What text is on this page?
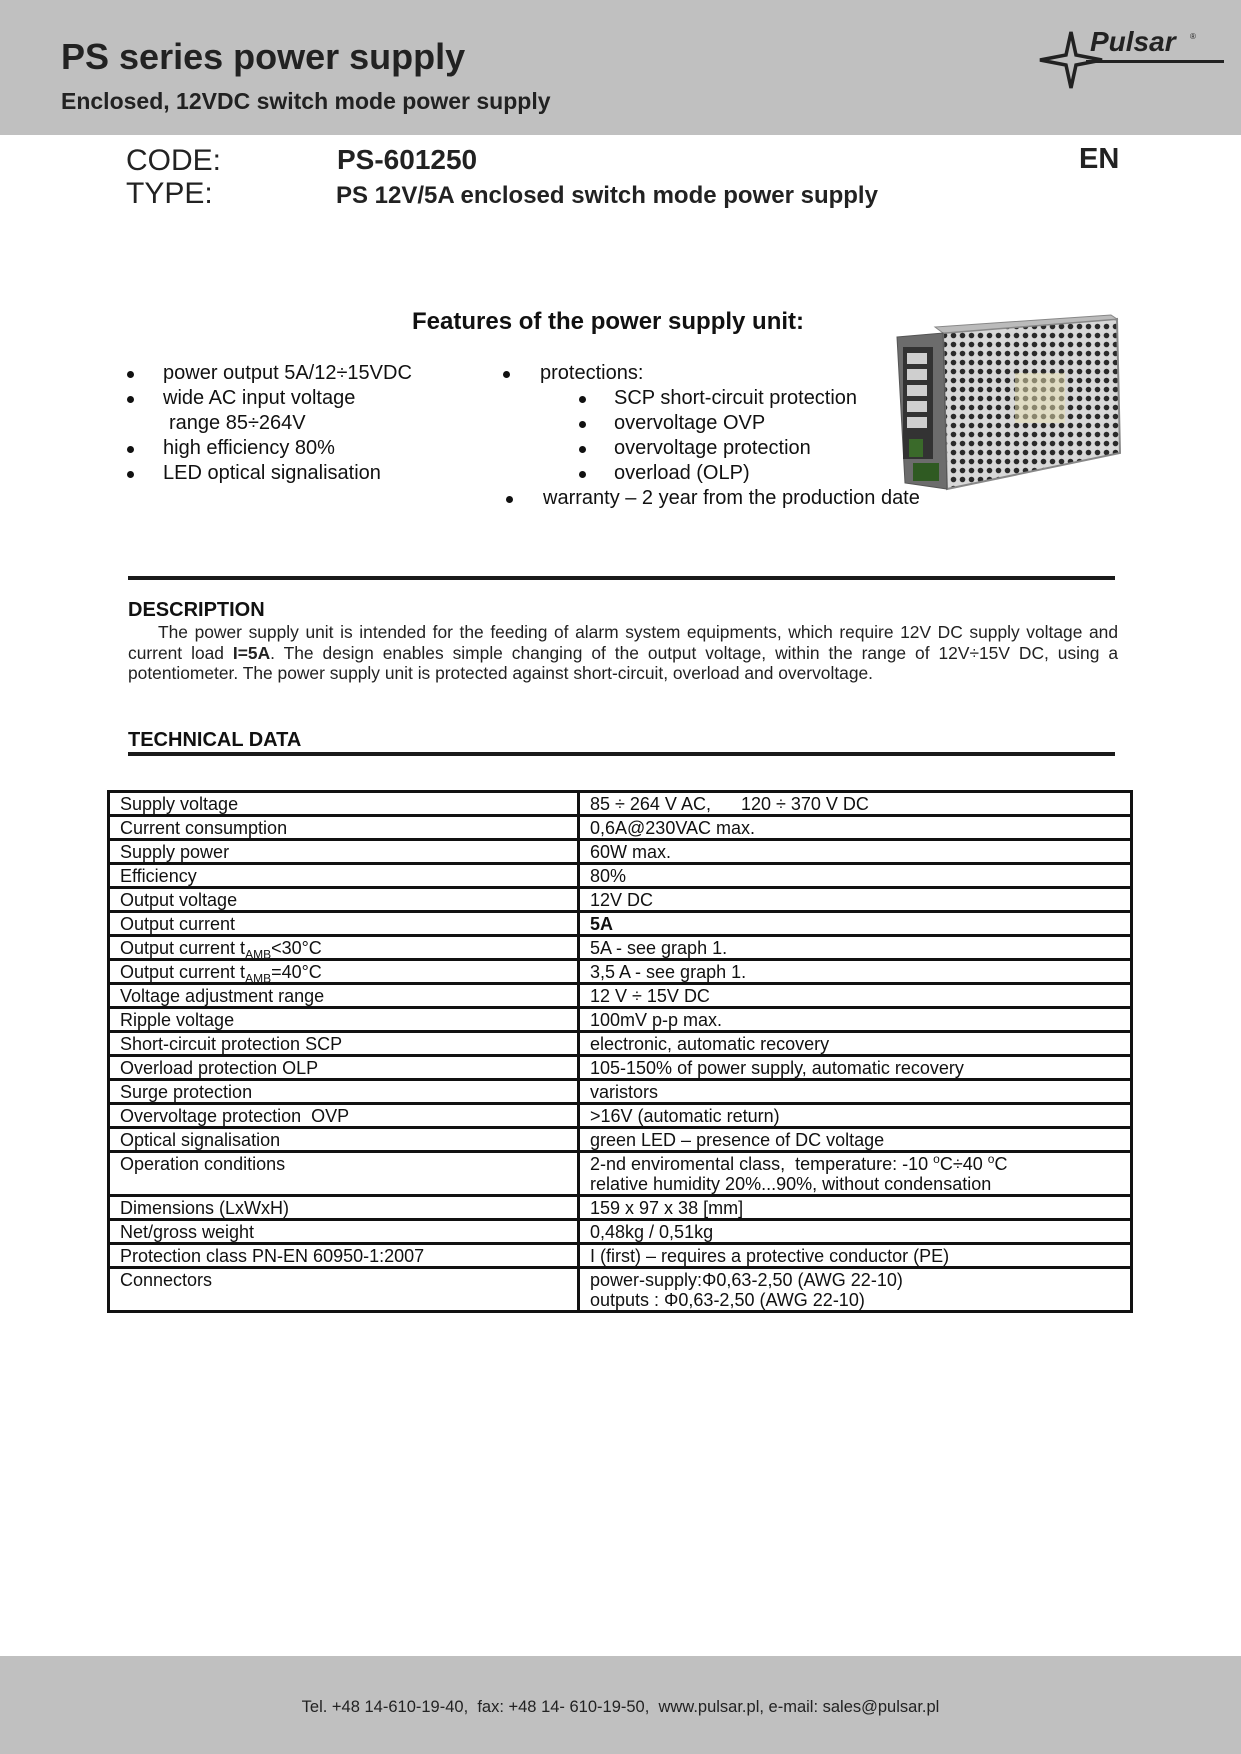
PS series power supply
Enclosed, 12VDC switch mode power supply
Pulsar ®
CODE:	PS-601250
TYPE:	PS 12V/5A enclosed switch mode power supply
EN
Features of the power supply unit:
power output 5A/12÷15VDC
wide AC input voltage
range 85÷264V
high efficiency 80%
LED optical signalisation
protections:
SCP short-circuit protection
overvoltage OVP
overvoltage protection
overload (OLP)
warranty – 2 year from the production date
DESCRIPTION
The power supply unit is intended for the feeding of alarm system equipments, which require 12V DC supply voltage and current load I=5A. The design enables simple changing of the output voltage, within the range of 12V÷15V DC, using a potentiometer. The power supply unit is protected against short-circuit, overload and overvoltage.
TECHNICAL DATA
Supply voltage	85 ÷ 264 V AC,      120 ÷ 370 V DC
Current consumption	0,6A@230VAC max.
Supply power	60W max.
Efficiency	80%
Output voltage	12V DC
Output current	5A
Output current $t_{AMB}<30^\circ C$	5A - see graph 1.
Output current $t_{AMB}=40^\circ C$	3,5 A - see graph 1.
Voltage adjustment range	12 V ÷ 15V DC
Ripple voltage	100mV p-p max.
Short-circuit protection SCP	electronic, automatic recovery
Overload protection OLP	105-150% of power supply, automatic recovery
Surge protection	varistors
Overvoltage protection  OVP	>16V (automatic return)
Optical signalisation	green LED – presence of DC voltage
Operation conditions	2-nd enviromental class,  temperature: -10 $^o$C÷40 $^o$C
relative humidity 20%...90%, without condensation

Dimensions (LxWxH)	159 x 97 x 38 [mm]
Net/gross weight	0,48kg / 0,51kg
Protection class PN-EN 60950-1:2007	I (first) – requires a protective conductor (PE)
Connectors	power-supply:Φ0,63-2,50 (AWG 22-10)
outputs : Φ0,63-2,50 (AWG 22-10)
Tel. +48 14-610-19-40,  fax: +48 14- 610-19-50,  www.pulsar.pl, e-mail: sales@pulsar.pl
